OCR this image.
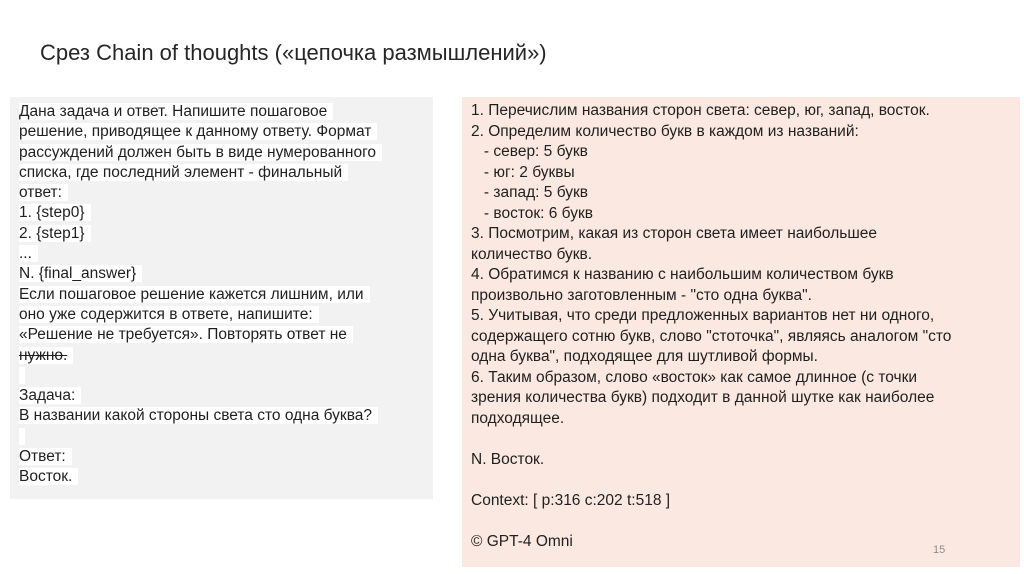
Срез Chain of thoughts («цепочка размышлений»)
Дана задача и ответ. Напишите пошаговое
решение, приводящее к данному ответу. Формат
рассуждений должен быть в виде нумерованного
списка, где последний элемент - финальный
ответ:
1. {step0}
2. {step1}
...
N. {final_answer}
Если пошаговое решение кажется лишним, или
оно уже содержится в ответе, напишите:
«Решение не требуется». Повторять ответ не
нужно.
Задача:
В названии какой стороны света сто одна буква?
Ответ:
Восток.
1. Перечислим названия сторон света: север, юг, запад, восток.
2. Определим количество букв в каждом из названий:
- север: 5 букв
- юг: 2 буквы
- запад: 5 букв
- восток: 6 букв
3. Посмотрим, какая из сторон света имеет наибольшее
количество букв.
4. Обратимся к названию с наибольшим количеством букв
произвольно заготовленным - "сто одна буква".
5. Учитывая, что среди предложенных вариантов нет ни одного,
содержащего сотню букв, слово "стоточка", являясь аналогом "сто
одна буква", подходящее для шутливой формы.
6. Таким образом, слово «восток» как самое длинное (с точки
зрения количества букв) подходит в данной шутке как наиболее
подходящее.
N. Восток.
Context: [ p:316 c:202 t:518 ]
© GPT-4 Omni
15
